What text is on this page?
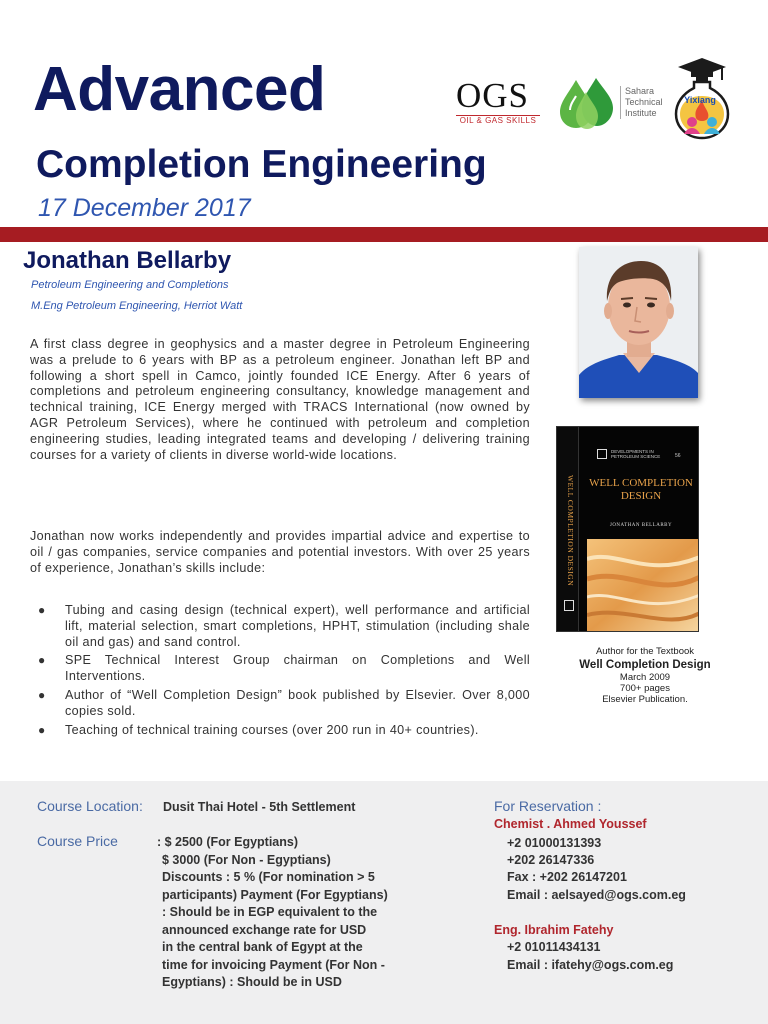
Advanced
Completion Engineering
17 December 2017
OGS
OIL & GAS SKILLS
Sahara
Technical
Institute
Yixiang
Jonathan Bellarby
Petroleum Engineering and Completions
M.Eng Petroleum Engineering, Herriot Watt
A first class degree in geophysics and a master degree in Petroleum Engineering was a prelude to 6 years with BP as a petroleum engineer. Jonathan left BP and following a short spell in Camco, jointly founded ICE Energy. After 6 years of completions and petroleum engineering consultancy, knowledge management and technical training, ICE Energy merged with TRACS International (now owned by AGR Petroleum Services), where he continued with petroleum and completion engineering studies, leading integrated teams and developing / delivering training courses for a variety of clients in diverse world-wide locations.
Jonathan now works independently and provides impartial advice and expertise to oil / gas companies, service companies and potential investors. With over 25 years of experience, Jonathan’s skills include:
● Tubing and casing design (technical expert), well performance and artificial lift, material selection, smart completions, HPHT, stimulation (including shale oil and gas) and sand control.
● SPE Technical Interest Group chairman on Completions and Well Interventions.
● Author of “Well Completion Design” book published by Elsevier. Over 8,000 copies sold.
● Teaching of technical training courses (over 200 run in 40+ countries).
WELL COMPLETION DESIGN
DEVELOPMENTS IN PETROLEUM SCIENCE	56
WELL COMPLETION
DESIGN
JONATHAN BELLARBY
Author for the Textbook
Well Completion Design
March 2009
700+ pages
Elsevier Publication.
Course Location: Dusit Thai Hotel - 5th Settlement
Course Price	: $ 2500 (For Egyptians)
$ 3000 (For Non - Egyptians)
Discounts : 5 % (For nomination > 5
participants) Payment (For Egyptians)
: Should be in EGP equivalent to the
announced exchange rate for USD
in the central bank of Egypt at the
time for invoicing Payment (For Non -
Egyptians) : Should be in USD
For Reservation :
Chemist . Ahmed Youssef
+2 01000131393
+202 26147336
Fax : +202 26147201
Email : aelsayed@ogs.com.eg
Eng. Ibrahim Fatehy
+2 01011434131
Email : ifatehy@ogs.com.eg
